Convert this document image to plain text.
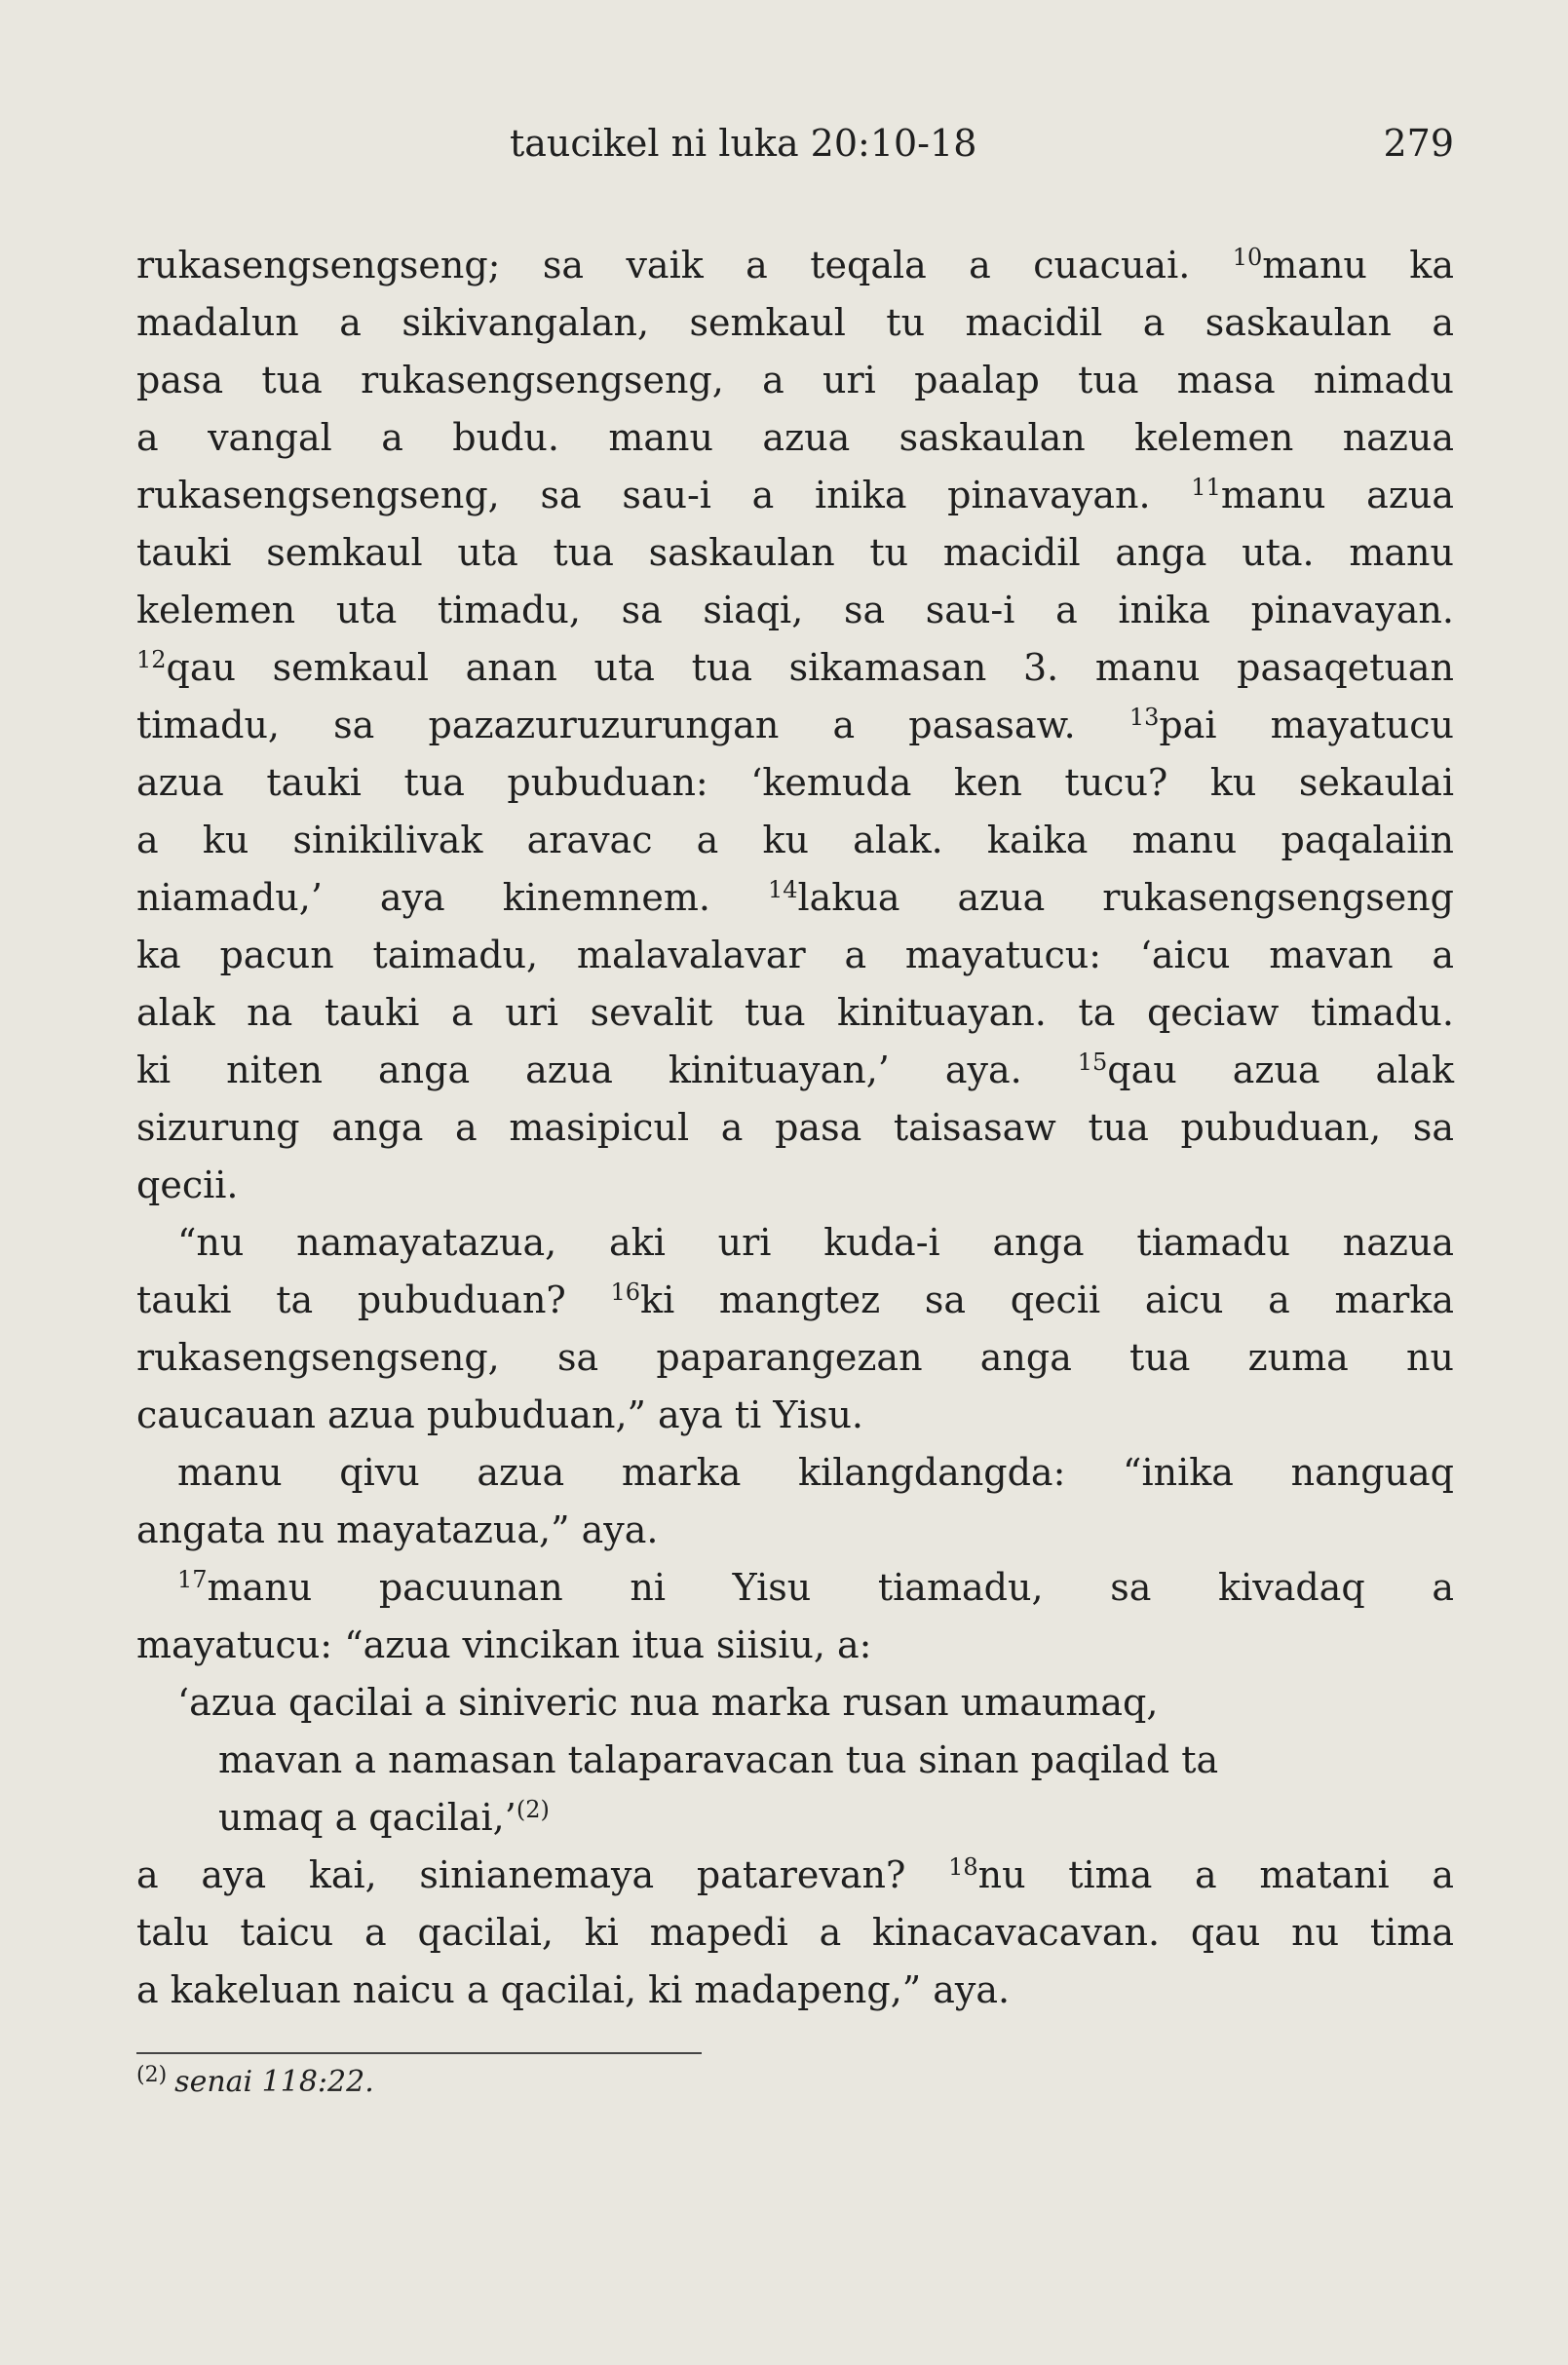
taucikel ni luka 20:10-18	279
rukasengsengseng; sa vaik a teqala a cuacuai. $^{10}$manu ka
madalun a sikivangalan, semkaul tu macidil a saskaulan a
pasa tua rukasengsengseng, a uri paalap tua masa nimadu
a vangal a budu. manu azua saskaulan kelemen nazua
rukasengsengseng, sa sau-i a inika pinavayan. $^{11}$manu azua
tauki semkaul uta tua saskaulan tu macidil anga uta. manu
kelemen uta timadu, sa siaqi, sa sau-i a inika pinavayan.
$^{12}$qau semkaul anan uta tua sikamasan 3. manu pasaqetuan
timadu, sa pazazuruzurungan a pasasaw. $^{13}$pai mayatucu
azua tauki tua pubuduan: ‘kemuda ken tucu? ku sekaulai
a ku sinikilivak aravac a ku alak. kaika manu paqalaiin
niamadu,’ aya kinemnem. $^{14}$lakua azua rukasengsengseng
ka pacun taimadu, malavalavar a mayatucu: ‘aicu mavan a
alak na tauki a uri sevalit tua kinituayan. ta qeciaw timadu.
ki niten anga azua kinituayan,’ aya. $^{15}$qau azua alak
sizurung anga a masipicul a pasa taisasaw tua pubuduan, sa
qecii.
“nu namayatazua, aki uri kuda-i anga tiamadu nazua
tauki ta pubuduan? $^{16}$ki mangtez sa qecii aicu a marka
rukasengsengseng, sa paparangezan anga tua zuma nu
caucauan azua pubuduan,” aya ti Yisu.
manu qivu azua marka kilangdangda: “inika nanguaq
angata nu mayatazua,” aya.
$^{17}$manu pacuunan ni Yisu tiamadu, sa kivadaq a
mayatucu: “azua vincikan itua siisiu, a:
‘azua qacilai a siniveric nua marka rusan umaumaq,
mavan a namasan talaparavacan tua sinan paqilad ta
umaq a qacilai,’$^{(2)}$
a aya kai, sinianemaya patarevan? $^{18}$nu tima a matani a
talu taicu a qacilai, ki mapedi a kinacavacavan. qau nu tima
a kakeluan naicu a qacilai, ki madapeng,” aya.
$^{(2)}$ senai 118:22.
